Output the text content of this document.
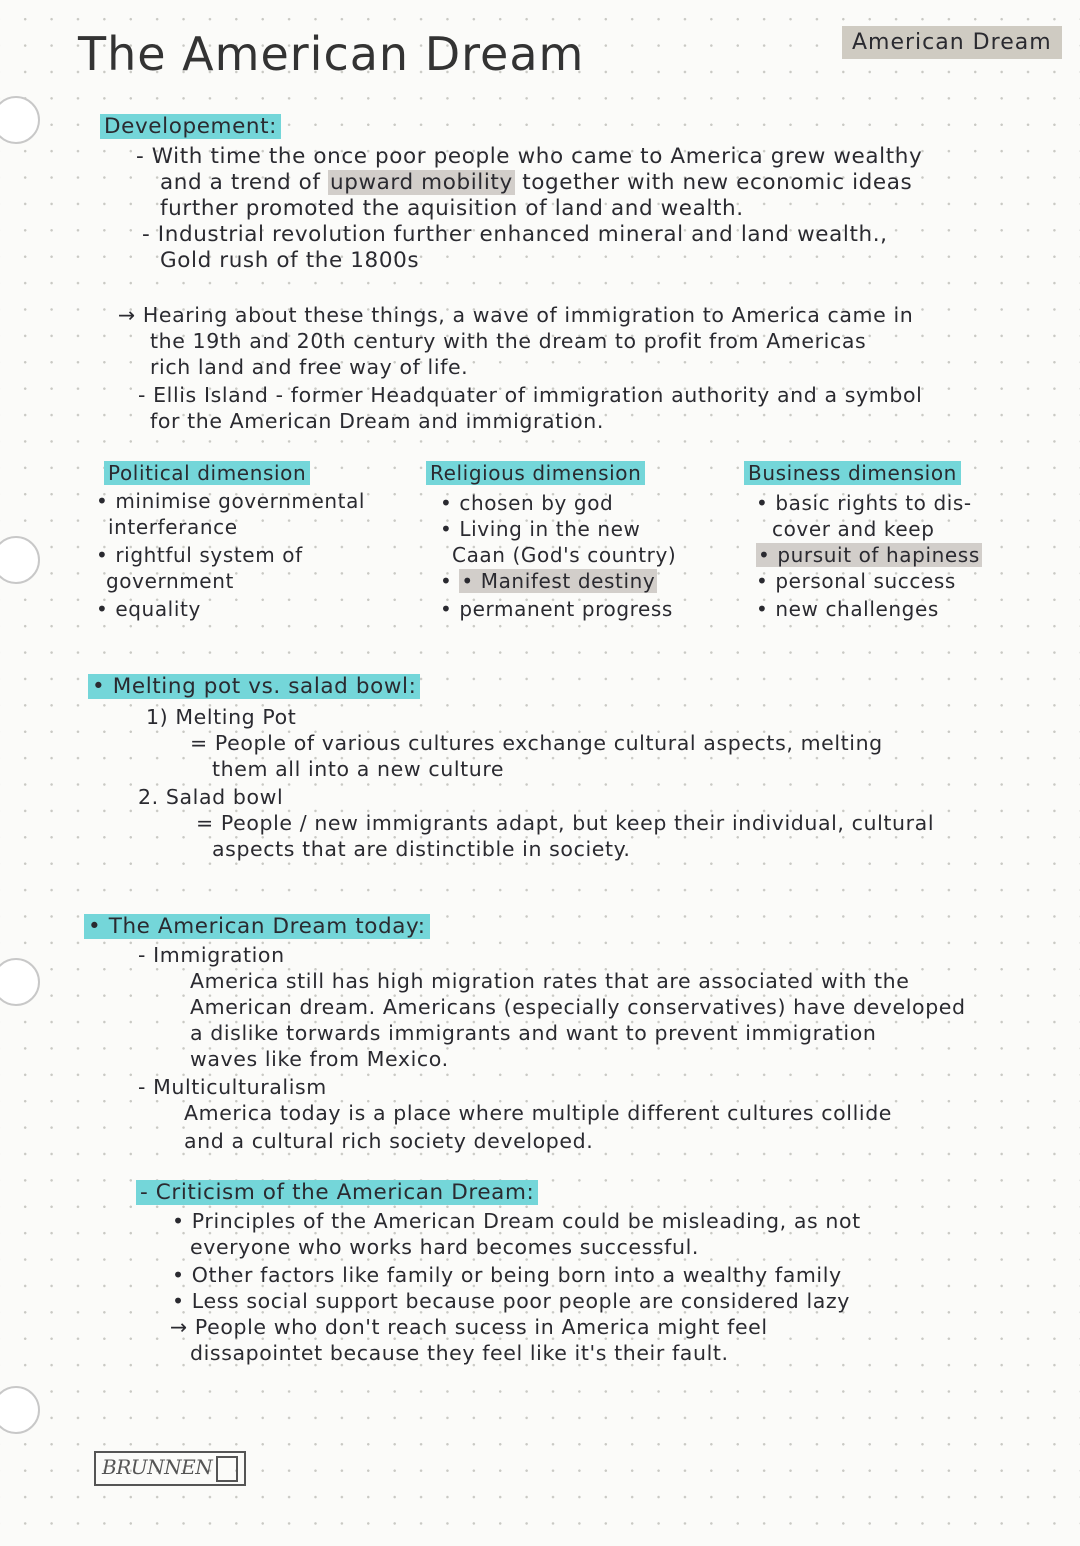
The American Dream	American Dream
Developement:
- With time the once poor people who came to America grew wealthy
and a trend of upward mobility together with new economic ideas
further promoted the aquisition of land and wealth.
- Industrial revolution further enhanced mineral and land wealth.,
Gold rush of the 1800s
→ Hearing about these things, a wave of immigration to America came in
the 19th and 20th century with the dream to profit from Americas
rich land and free way of life.
- Ellis Island - former Headquater of immigration authority and a symbol
for the American Dream and immigration.
Political dimension
• minimise governmental
interferance
• rightful system of
government
• equality
Religious dimension
• chosen by god
• Living in the new
Caan (God's country)
• • Manifest destiny
• permanent progress
Business dimension
• basic rights to dis-
cover and keep
• pursuit of hapiness
• personal success
• new challenges
• Melting pot vs. salad bowl:
1) Melting Pot
= People of various cultures exchange cultural aspects, melting
them all into a new culture
2. Salad bowl
= People / new immigrants adapt, but keep their individual, cultural
aspects that are distinctible in society.
• The American Dream today:
- Immigration
America still has high migration rates that are associated with the
American dream. Americans (especially conservatives) have developed
a dislike torwards immigrants and want to prevent immigration
waves like from Mexico.
- Multiculturalism
America today is a place where multiple different cultures collide
and a cultural rich society developed.
- Criticism of the American Dream:
• Principles of the American Dream could be misleading, as not
everyone who works hard becomes successful.
• Other factors like family or being born into a wealthy family
• Less social support because poor people are considered lazy
→ People who don't reach sucess in America might feel
dissapointet because they feel like it's their fault.
BRUNNEN
